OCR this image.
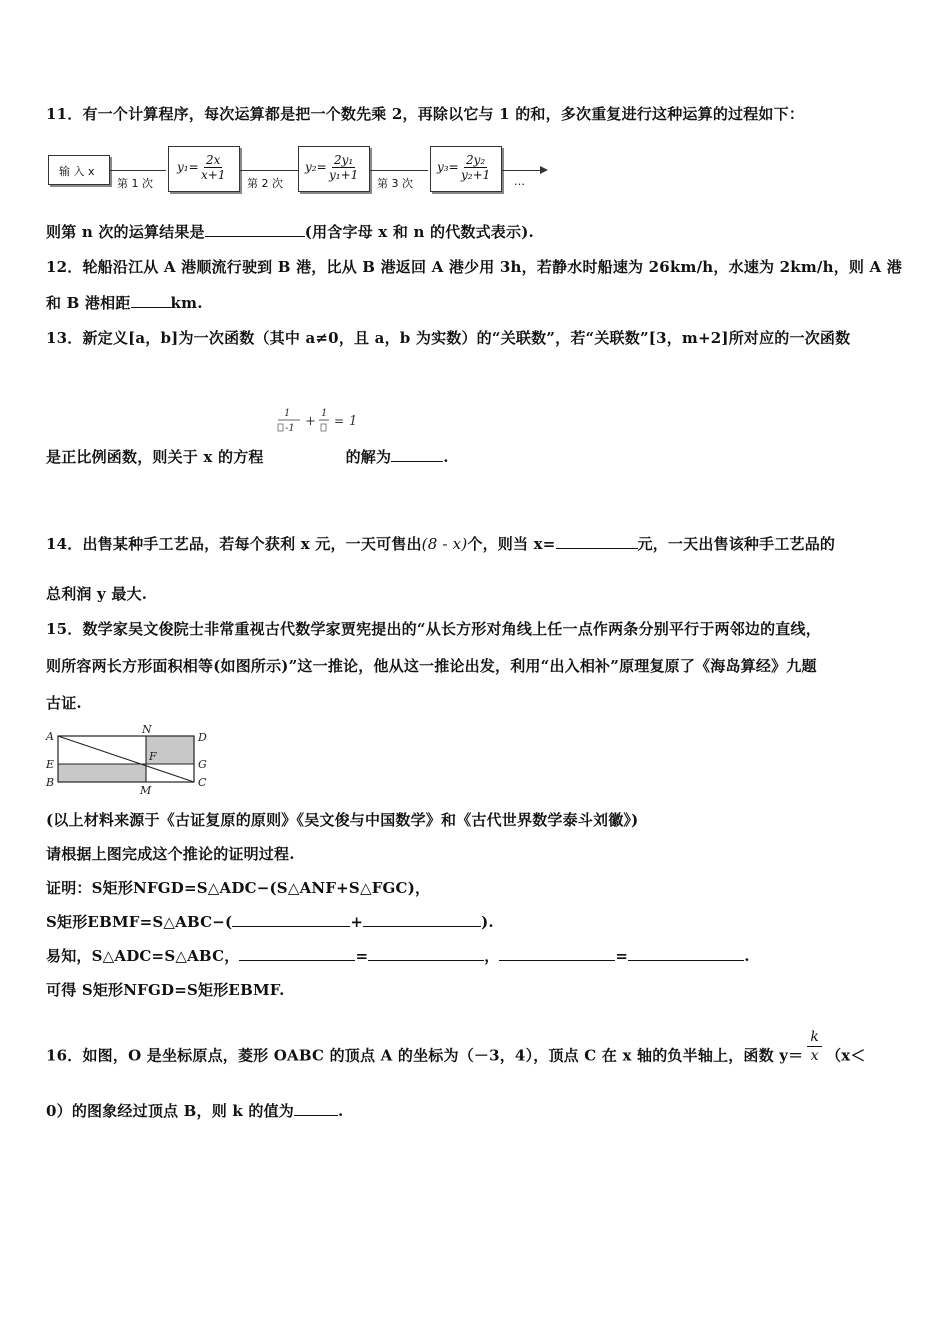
11．有一个计算程序，每次运算都是把一个数先乘 2，再除以它与 1 的和，多次重复进行这种运算的过程如下：
输 入 x
第 1 次
$y_1= \frac{2x}{x+1}$
第 2 次
$y_2= \frac{\text{2y₁}}{\text{y₁+1}}$
第 3 次
$y_3= \frac{\text{2y₂}}{\text{y₂+1}}$ …
则第 n 次的运算结果是	(用含字母 x 和 n 的代数式表示).
12．轮船沿江从 A 港顺流行驶到 B 港，比从 B 港返回 A 港少用 3h，若静水时船速为 26km/h，水速为 2km/h，则 A 港
和 B 港相距	km.
13．新定义[a，b]为一次函数（其中 a≠0，且 a，b 为实数）的“关联数”，若“关联数”[3，m+2]所对应的一次函数
1
-1 +
1
= 1
是正比例函数，则关于 x 的方程	的解为	.
14．出售某种手工艺品，若每个获利 x 元，一天可售出(8 - x)个，则当 x=	元，一天出售该种手工艺品的
总利润 y 最大.
15．数学家吴文俊院士非常重视古代数学家贾宪提出的“从长方形对角线上任一点作两条分别平行于两邻边的直线，
则所容两长方形面积相等(如图所示)”这一推论，他从这一推论出发，利用“出入相补”原理复原了《海岛算经》九题
古证.
A
N
D
E
F
G
B
M
C
(以上材料来源于《古证复原的原则》《吴文俊与中国数学》和《古代世界数学泰斗刘徽》)
请根据上图完成这个推论的证明过程.
证明：S矩形NFGD=S△ADC−(S△ANF+S△FGC)，
S矩形EBMF=S△ABC−(	+	).
易知，S△ADC=S△ABC，	=	，	=	.
可得 S矩形NFGD=S矩形EBMF.
16．如图，O 是坐标原点，菱形 OABC 的顶点 A 的坐标为（－3，4），顶点 C 在 x 轴的负半轴上，函数 $y= \frac{k}{x} (x<$
0）的图象经过顶点 B，则 k 的值为	.
